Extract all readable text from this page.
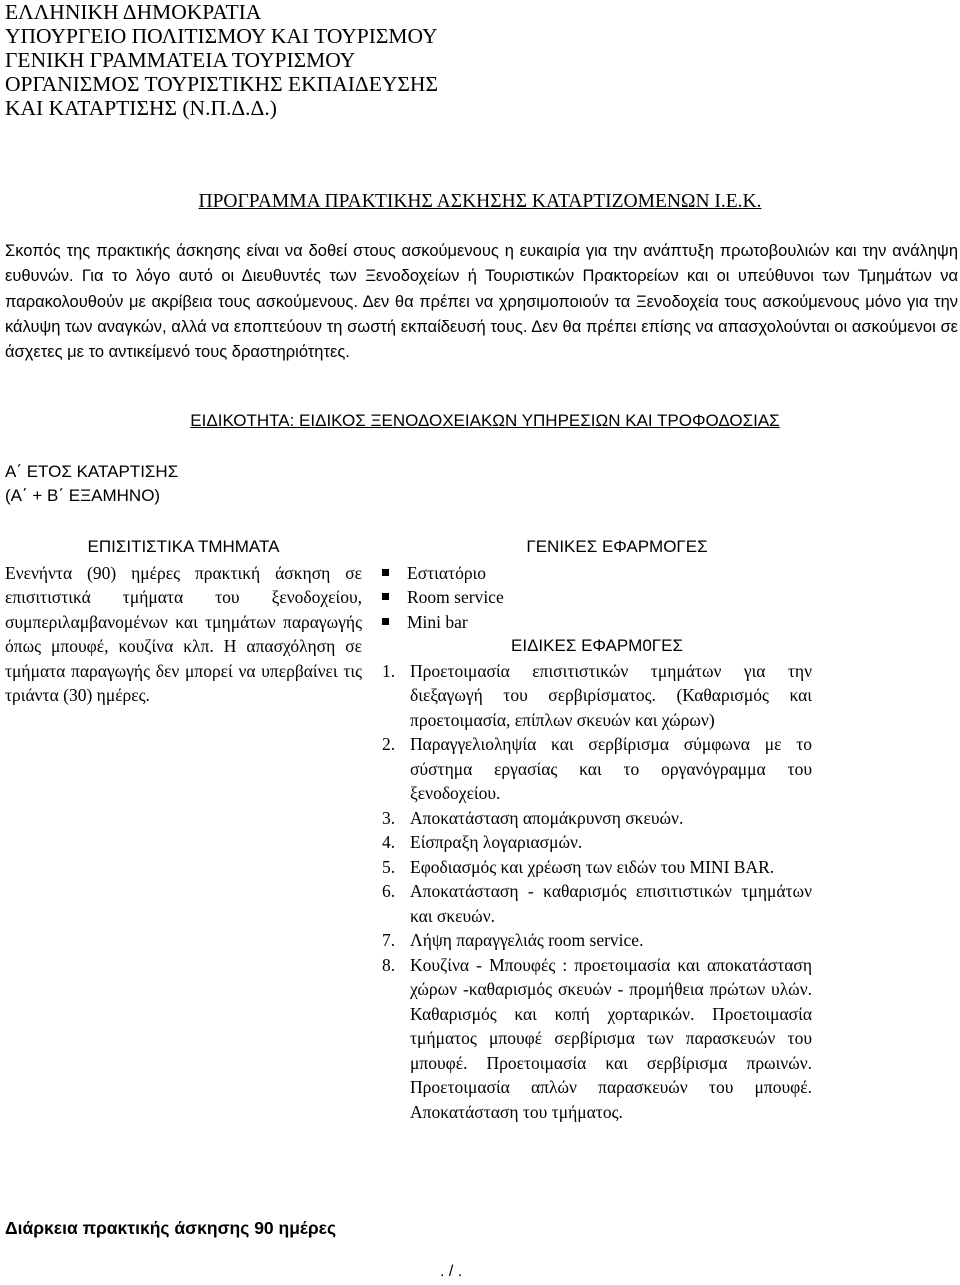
ΕΛΛΗΝΙΚΗ ΔΗΜΟΚΡΑΤΙΑ
ΥΠΟΥΡΓΕΙΟ ΠΟΛΙΤΙΣΜΟΥ ΚΑΙ ΤΟΥΡΙΣΜΟΥ
ΓΕΝΙΚΗ ΓΡΑΜΜΑΤΕΙΑ ΤΟΥΡΙΣΜΟΥ
ΟΡΓΑΝΙΣΜΟΣ ΤΟΥΡΙΣΤΙΚΗΣ ΕΚΠΑΙΔΕΥΣΗΣ
ΚΑΙ ΚΑΤΑΡΤΙΣΗΣ (Ν.Π.Δ.Δ.)
ΠΡΟΓΡΑΜΜΑ ΠΡΑΚΤΙΚΗΣ ΑΣΚΗΣΗΣ ΚΑΤΑΡΤΙΖΟΜΕΝΩΝ Ι.Ε.Κ.
Σκοπός της πρακτικής άσκησης είναι να δοθεί στους ασκούμενους η ευκαιρία για την ανάπτυξη πρωτοβουλιών και την ανάληψη ευθυνών. Για το λόγο αυτό οι Διευθυντές των Ξενοδοχείων ή Τουριστικών Πρακτορείων και οι υπεύθυνοι των Τμημάτων να παρακολουθούν με ακρίβεια τους ασκούμενους. Δεν θα πρέπει να χρησιμοποιούν τα Ξενοδοχεία τους ασκούμενους μόνο για την κάλυψη των αναγκών, αλλά να εποπτεύουν τη σωστή εκπαίδευσή τους. Δεν θα πρέπει επίσης να απασχολούνται οι ασκούμενοι σε άσχετες με το αντικείμενό τους δραστηριότητες.
ΕΙΔΙΚΟΤΗΤΑ: ΕΙΔΙΚΟΣ ΞΕΝΟΔΟΧΕΙΑΚΩΝ ΥΠΗΡΕΣΙΩΝ ΚΑΙ ΤΡΟΦΟΔΟΣΙΑΣ
Α΄ ΕΤΟΣ ΚΑΤΑΡΤΙΣΗΣ
(Α΄ + Β΄ ΕΞΑΜΗΝΟ)
ΕΠΙΣΙΤΙΣΤΙΚΑ ΤΜΗΜΑΤΑ
Ενενήντα (90) ημέρες πρακτική άσκηση σε επισιτιστικά τμήματα του ξενοδοχείου, συμπεριλαμβανομένων και τμημάτων παραγωγής όπως μπουφέ, κουζίνα κλπ. Η απασχόληση σε τμήματα παραγωγής δεν μπορεί να υπερβαίνει τις τριάντα (30) ημέρες.
ΓΕΝΙΚΕΣ ΕΦΑΡΜΟΓΕΣ
Εστιατόριο
Room service
Mini bar
ΕΙΔΙΚΕΣ ΕΦΑΡΜ0ΓΕΣ
1. Προετοιμασία επισιτιστικών τμημάτων για την διεξαγωγή του σερβιρίσματος. (Καθαρισμός και προετοιμασία, επίπλων σκευών και χώρων)
2. Παραγγελιοληψία και σερβίρισμα σύμφωνα με το σύστημα εργασίας και το οργανόγραμμα του ξενοδοχείου.
3. Αποκατάσταση απομάκρυνση σκευών.
4. Είσπραξη λογαριασμών.
5. Εφοδιασμός και χρέωση των ειδών του MINI BAR.
6. Αποκατάσταση - καθαρισμός επισιτιστικών τμημάτων και σκευών.
7. Λήψη παραγγελιάς room service.
8. Κουζίνα - Μπουφές : προετοιμασία και αποκατάσταση χώρων -καθαρισμός σκευών - προμήθεια πρώτων υλών. Καθαρισμός και κοπή χορταρικών. Προετοιμασία τμήματος μπουφέ σερβίρισμα των παρασκευών του μπουφέ. Προετοιμασία και σερβίρισμα πρωινών. Προετοιμασία απλών παρασκευών του μπουφέ. Αποκατάσταση του τμήματος.
Διάρκεια πρακτικής άσκησης 90 ημέρες
. / .
